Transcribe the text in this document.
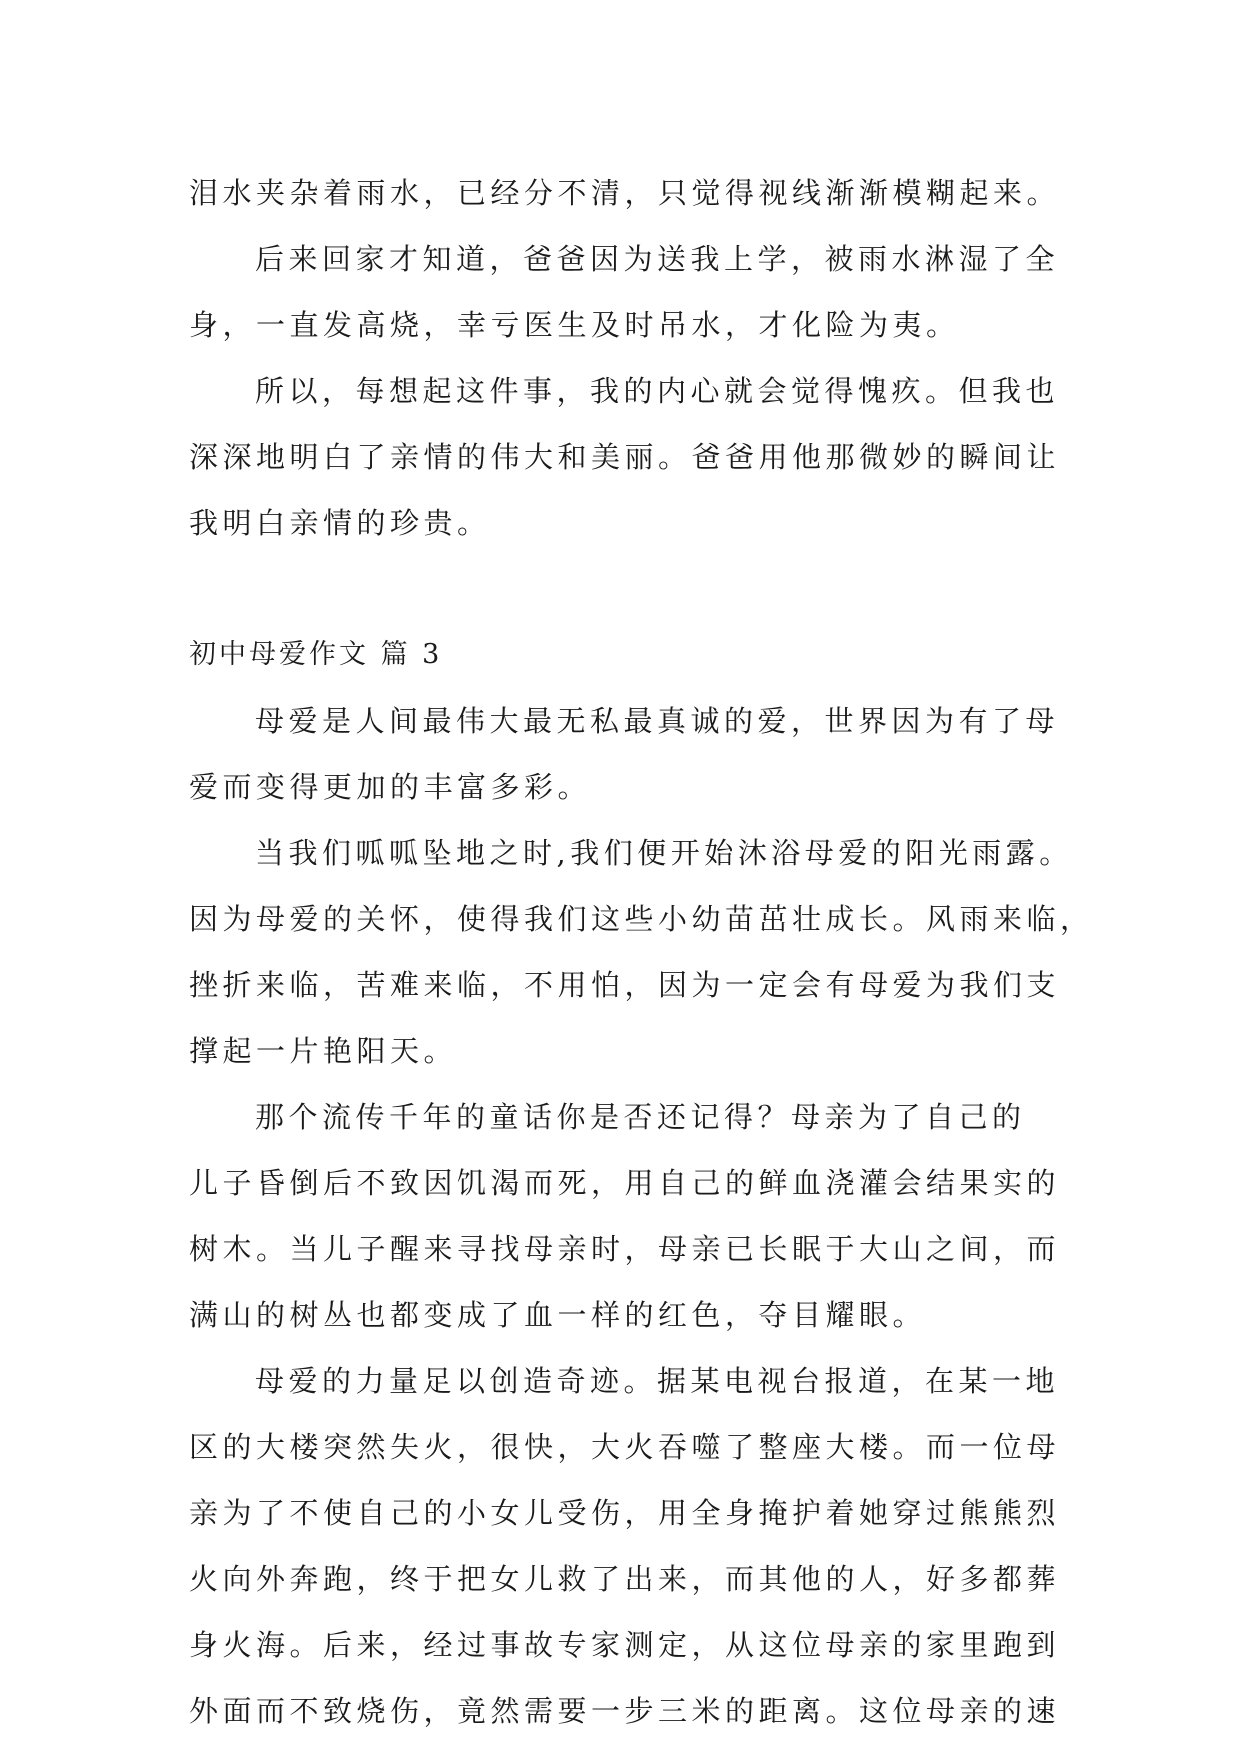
泪水夹杂着雨水，已经分不清，只觉得视线渐渐模糊起来。
后来回家才知道，爸爸因为送我上学，被雨水淋湿了全
身，一直发高烧，幸亏医生及时吊水，才化险为夷。
所以，每想起这件事，我的内心就会觉得愧疚。但我也
深深地明白了亲情的伟大和美丽。爸爸用他那微妙的瞬间让
我明白亲情的珍贵。
初中母爱作文 篇 3
母爱是人间最伟大最无私最真诚的爱，世界因为有了母
爱而变得更加的丰富多彩。
当我们呱呱坠地之时,我们便开始沐浴母爱的阳光雨露。
因为母爱的关怀，使得我们这些小幼苗茁壮成长。风雨来临，
挫折来临，苦难来临，不用怕，因为一定会有母爱为我们支
撑起一片艳阳天。
那个流传千年的童话你是否还记得？母亲为了自己的
儿子昏倒后不致因饥渴而死，用自己的鲜血浇灌会结果实的
树木。当儿子醒来寻找母亲时，母亲已长眠于大山之间，而
满山的树丛也都变成了血一样的红色，夺目耀眼。
母爱的力量足以创造奇迹。据某电视台报道，在某一地
区的大楼突然失火，很快，大火吞噬了整座大楼。而一位母
亲为了不使自己的小女儿受伤，用全身掩护着她穿过熊熊烈
火向外奔跑，终于把女儿救了出来，而其他的人，好多都葬
身火海。后来，经过事故专家测定，从这位母亲的家里跑到
外面而不致烧伤，竟然需要一步三米的距离。这位母亲的速
